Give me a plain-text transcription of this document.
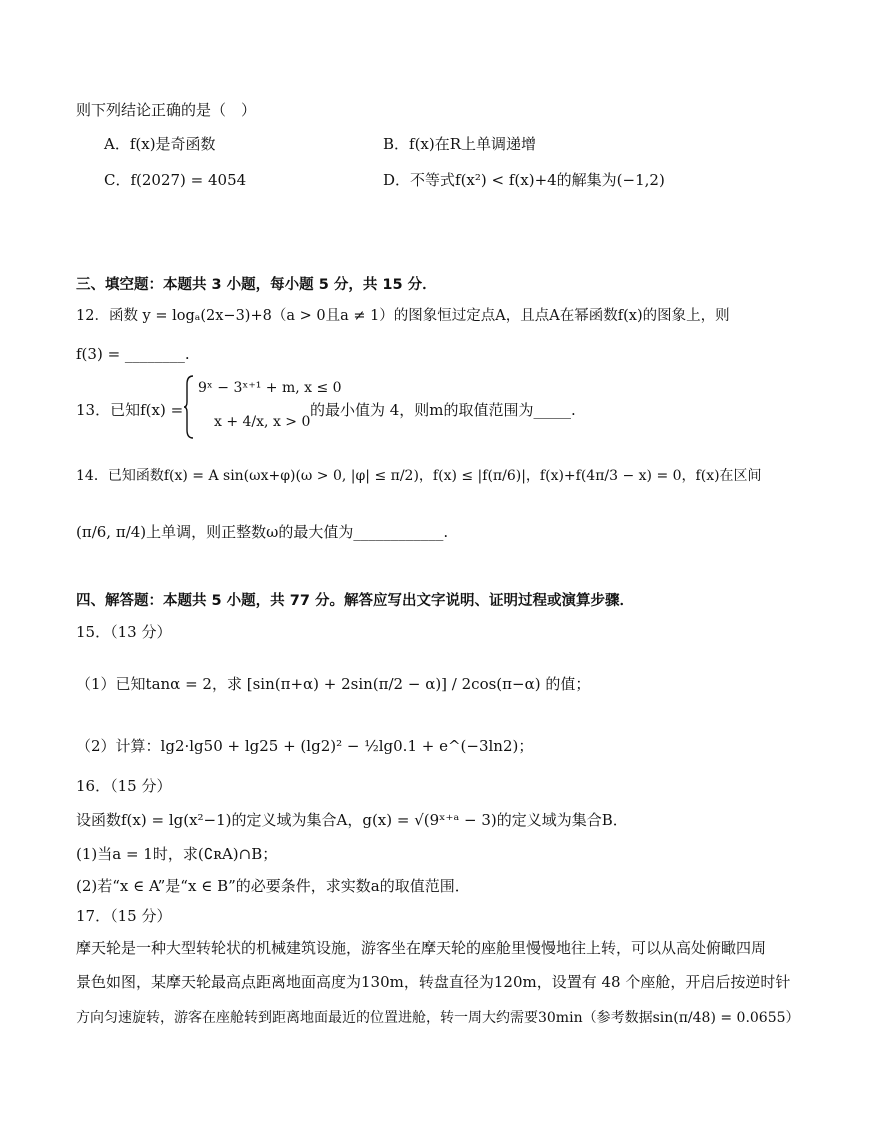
则下列结论正确的是（　）
A．f(x)是奇函数	B．f(x)在R上单调递增
C．f(2027) = 4054	D．不等式f(x²) < f(x)+4的解集为(−1,2)
三、填空题：本题共 3 小题，每小题 5 分，共 15 分．
12．函数 y = logₐ(2x−3)+8（a > 0且a ≠ 1）的图象恒过定点A，且点A在幂函数f(x)的图象上，则
f(3) = ________.
13．已知f(x) =
9ˣ − 3ˣ⁺¹ + m, x ≤ 0
x + 4/x, x > 0
的最小值为 4，则m的取值范围为_____.
14．已知函数f(x) = A sin(ωx+φ)(ω > 0, |φ| ≤ π/2)，f(x) ≤ |f(π/6)|，f(x)+f(4π/3 − x) = 0，f(x)在区间
(π/6, π/4)上单调，则正整数ω的最大值为____________.
四、解答题：本题共 5 小题，共 77 分。解答应写出文字说明、证明过程或演算步骤．
15．（13 分）
（1）已知tanα = 2，求 [sin(π+α) + 2sin(π/2 − α)] / 2cos(π−α) 的值；
（2）计算：lg2·lg50 + lg25 + (lg2)² − ½lg0.1 + e^(−3ln2)；
16．（15 分）
设函数f(x) = lg(x²−1)的定义域为集合A，g(x) = √(9ˣ⁺ᵃ − 3)的定义域为集合B．
(1)当a = 1时，求(∁ʀA)∩B；
(2)若“x ∈ A”是“x ∈ B”的必要条件，求实数a的取值范围．
17．（15 分）
摩天轮是一种大型转轮状的机械建筑设施，游客坐在摩天轮的座舱里慢慢地往上转，可以从高处俯瞰四周
景色如图，某摩天轮最高点距离地面高度为130m，转盘直径为120m，设置有 48 个座舱，开启后按逆时针
方向匀速旋转，游客在座舱转到距离地面最近的位置进舱，转一周大约需要30min（参考数据sin(π/48) = 0.0655）
